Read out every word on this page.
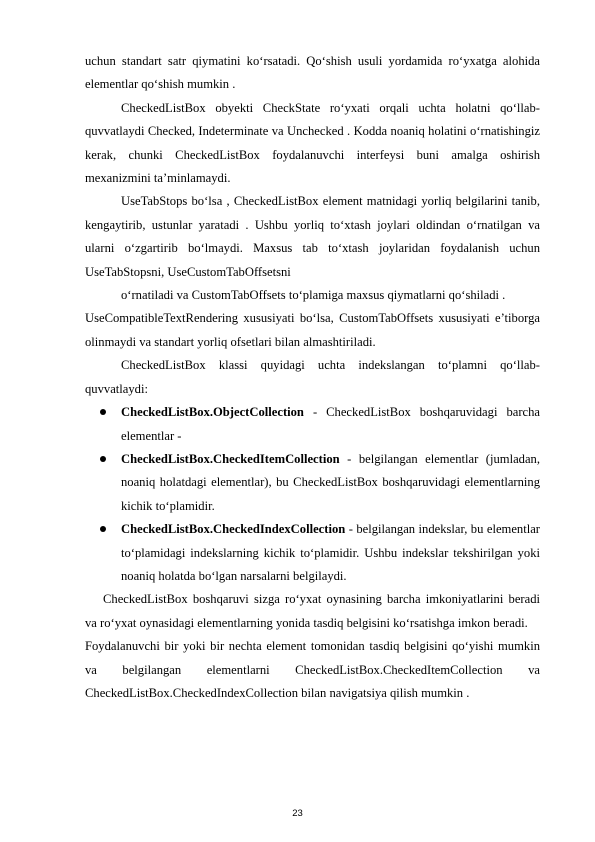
uchun standart satr qiymatini ko‘rsatadi. Qo‘shish usuli yordamida ro‘yxatga alohida elementlar qo‘shish mumkin .

CheckedListBox obyekti CheckState ro‘yxati orqali uchta holatni qo‘llab-quvvatlaydi Checked, Indeterminate va Unchecked . Kodda noaniq holatini o‘rnatishingiz kerak, chunki CheckedListBox foydalanuvchi interfeysi buni amalga oshirish mexanizmini ta’minlamaydi.

UseTabStops bo‘lsa , CheckedListBox element matnidagi yorliq belgilarini tanib, kengaytirib, ustunlar yaratadi . Ushbu yorliq to‘xtash joylari oldindan o‘rnatilgan va ularni o‘zgartirib bo‘lmaydi. Maxsus tab to‘xtash joylaridan foydalanish uchun UseTabStopsni, UseCustomTabOffsetsni

o‘rnatiladi va CustomTabOffsets to‘plamiga maxsus qiymatlarni qo‘shiladi .

UseCompatibleTextRendering xususiyati bo‘lsa, CustomTabOffsets xususiyati e’tiborga olinmaydi va standart yorliq ofsetlari bilan almashtiriladi.

CheckedListBox klassi quyidagi uchta indekslangan to‘plamni qo‘llab-quvvatlaydi:

CheckedListBox.ObjectCollection - CheckedListBox boshqaruvidagi barcha elementlar -
CheckedListBox.CheckedItemCollection - belgilangan elementlar (jumladan, noaniq holatdagi elementlar), bu CheckedListBox boshqaruvidagi elementlarning kichik to‘plamidir.
CheckedListBox.CheckedIndexCollection - belgilangan indekslar, bu elementlar to‘plamidagi indekslarning kichik to‘plamidir. Ushbu indekslar tekshirilgan yoki noaniq holatda bo‘lgan narsalarni belgilaydi.

CheckedListBox boshqaruvi sizga ro‘yxat oynasining barcha imkoniyatlarini beradi va ro‘yxat oynasidagi elementlarning yonida tasdiq belgisini ko‘rsatishga imkon beradi.

Foydalanuvchi bir yoki bir nechta element tomonidan tasdiq belgisini qo‘yishi mumkin va belgilangan elementlarni CheckedListBox.CheckedItemCollection va CheckedListBox.CheckedIndexCollection bilan navigatsiya qilish mumkin .

23
